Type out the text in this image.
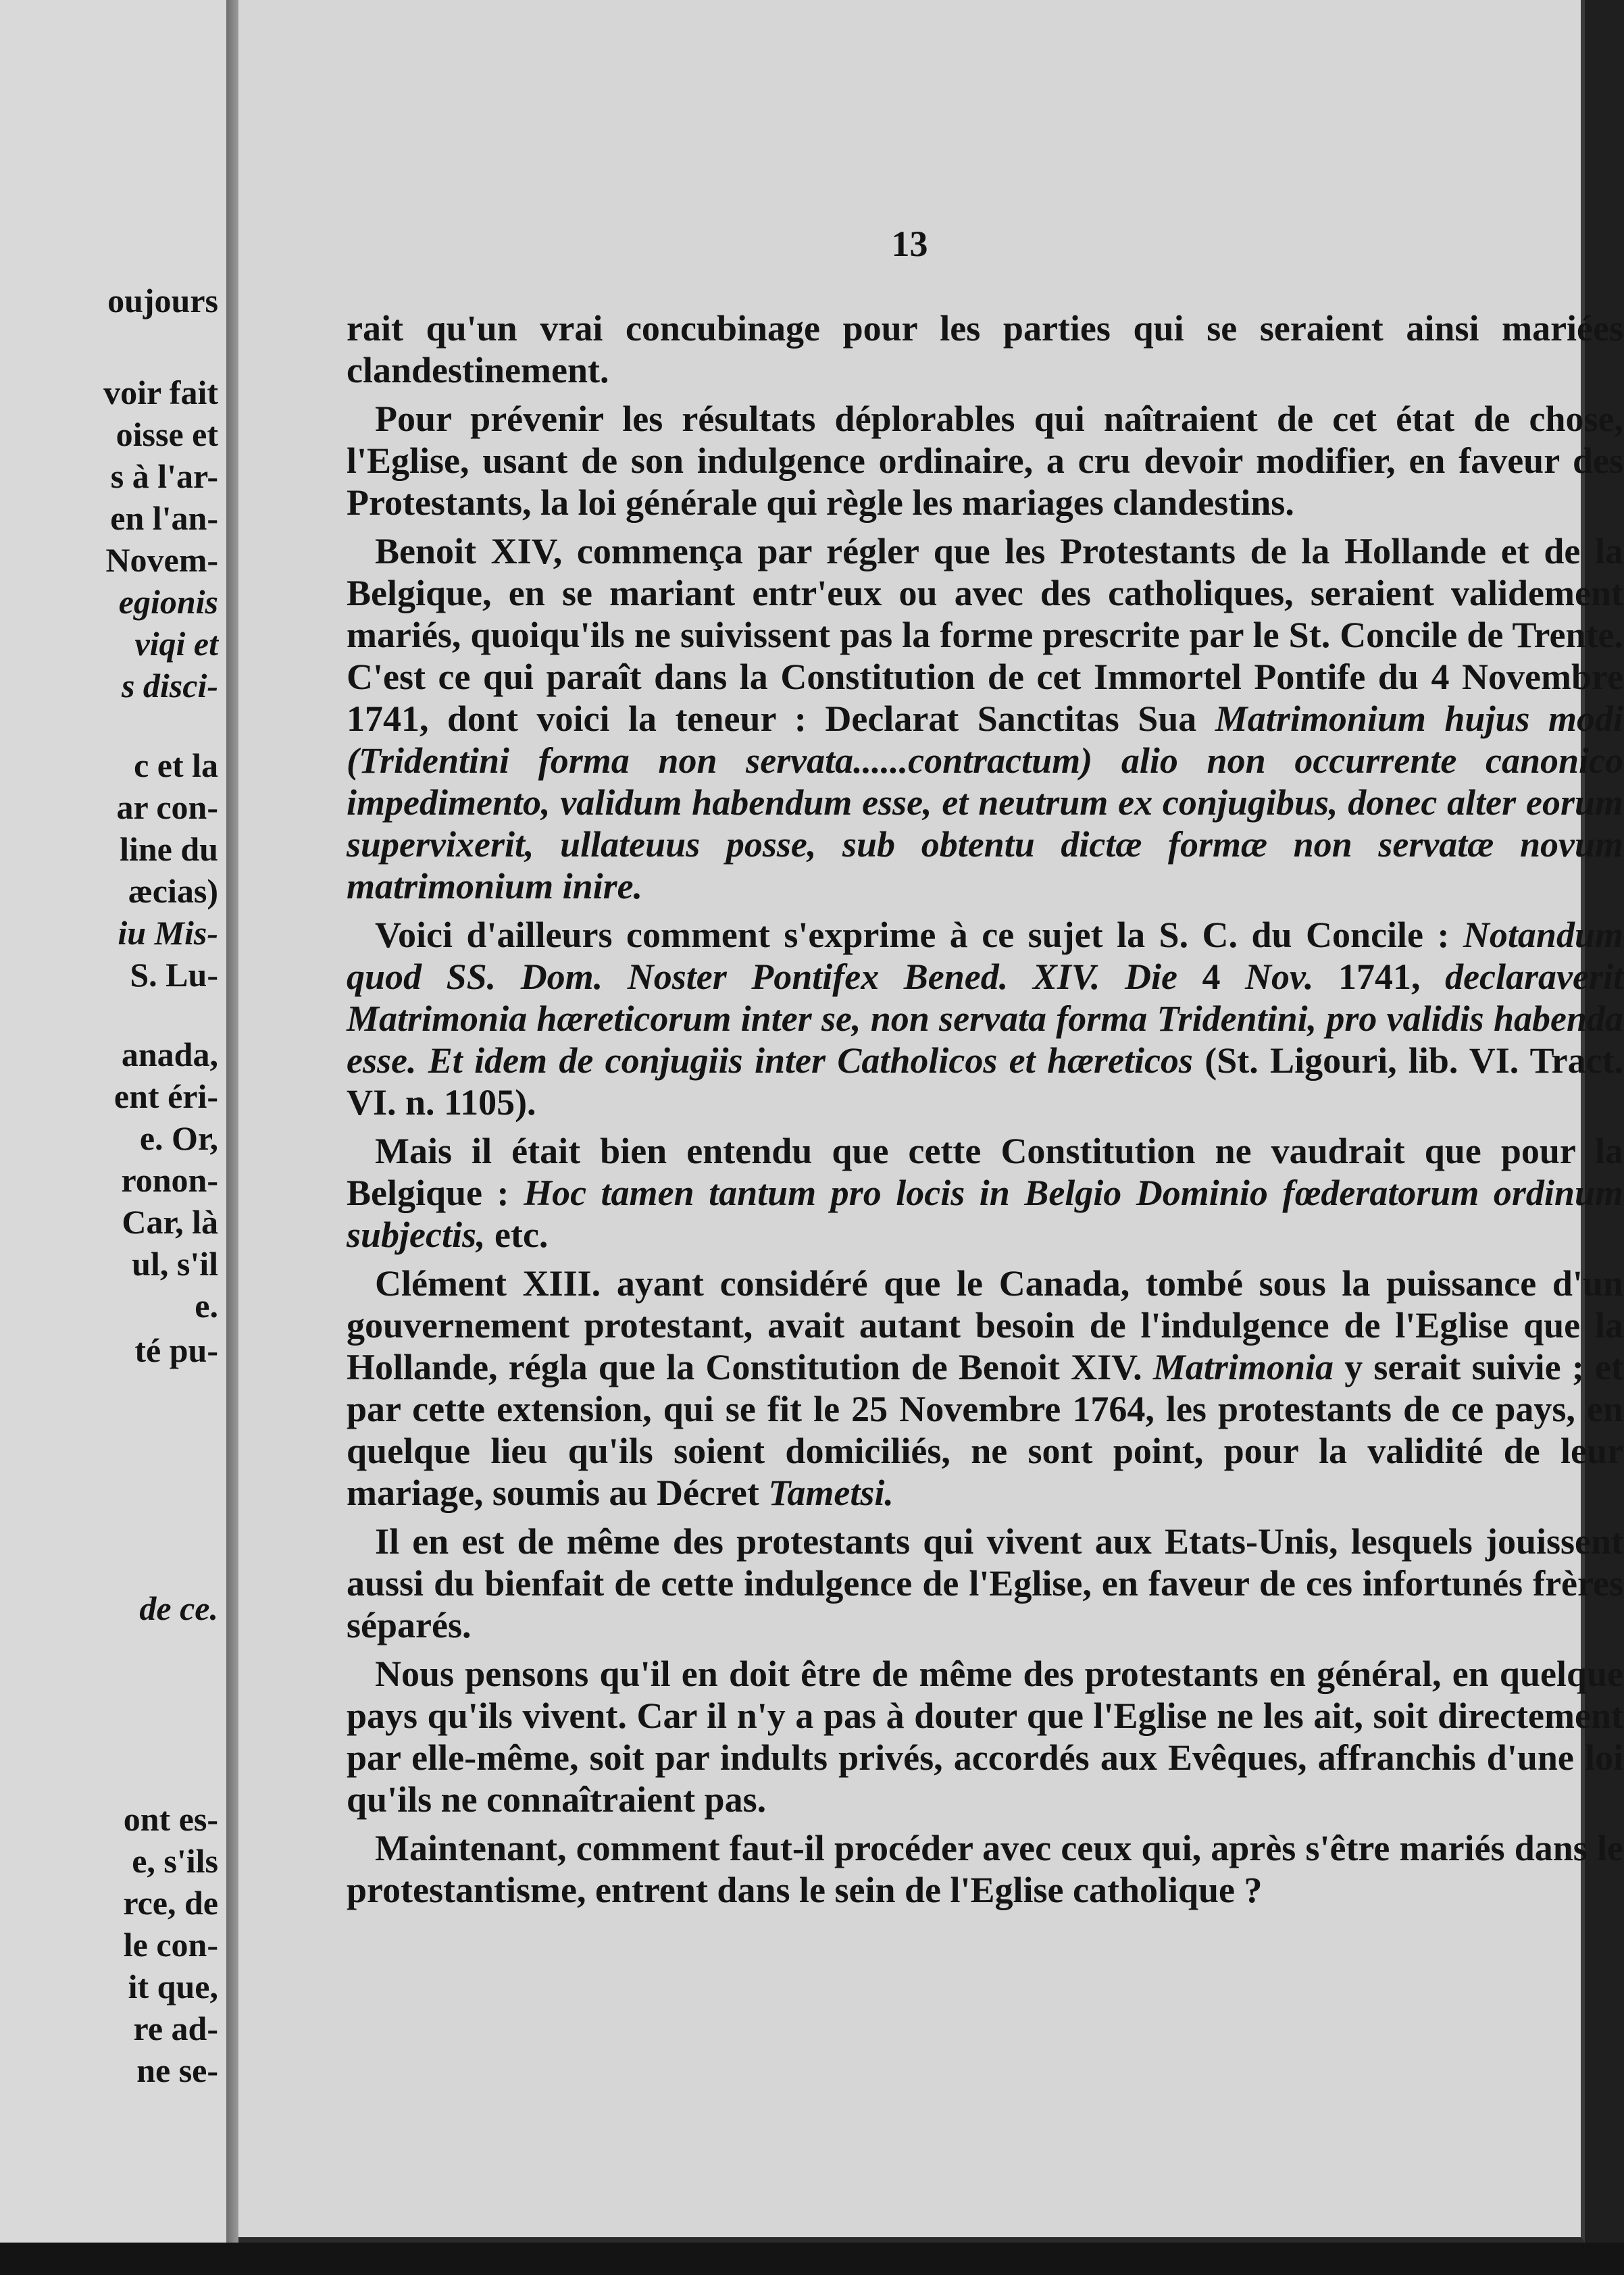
oujours
voir fait
oisse et
s à l'ar-
en l'an-
Novem-
egionis
viqi et
s disci-
c et la
ar con-
line du
æcias)
iu Mis-
S. Lu-
anada,
ent éri-
e. Or,
ronon-
Car, là
ul, s'il
e.
té pu-
de ce.
ont es-
e, s'ils
rce, de
le con-
it que,
re ad-
ne se-
13

rait qu'un vrai concubinage pour les parties qui se seraient ainsi mariées clandestinement.

Pour prévenir les résultats déplorables qui naîtraient de cet état de chose, l'Eglise, usant de son indulgence ordinaire, a cru devoir modifier, en faveur des Protestants, la loi générale qui règle les mariages clandestins.

Benoit XIV, commença par régler que les Protestants de la Hollande et de la Belgique, en se mariant entr'eux ou avec des catholiques, seraient validement mariés, quoiqu'ils ne suivissent pas la forme prescrite par le St. Concile de Trente. C'est ce qui paraît dans la Constitution de cet Immortel Pontife du 4 Novembre 1741, dont voici la teneur : Declarat Sanctitas Sua Matrimonium hujus modi (Tridentini forma non servata......contractum) alio non occurrente canonico impedimento, validum habendum esse, et neutrum ex conjugibus, donec alter eorum supervixerit, ullateuus posse, sub obtentu dictæ formæ non servatæ novum matrimonium inire.

Voici d'ailleurs comment s'exprime à ce sujet la S. C. du Concile : Notandum quod SS. Dom. Noster Pontifex Bened. XIV. Die 4 Nov. 1741, declaraverit Matrimonia hæreticorum inter se, non servata forma Tridentini, pro validis habenda esse. Et idem de conjugiis inter Catholicos et hæreticos (St. Ligouri, lib. VI. Tract. VI. n. 1105).

Mais il était bien entendu que cette Constitution ne vaudrait que pour la Belgique : Hoc tamen tantum pro locis in Belgio Dominio fœderatorum ordinum subjectis, etc.

Clément XIII. ayant considéré que le Canada, tombé sous la puissance d'un gouvernement protestant, avait autant besoin de l'indulgence de l'Eglise que la Hollande, régla que la Constitution de Benoit XIV. Matrimonia y serait suivie ; et par cette extension, qui se fit le 25 Novembre 1764, les protestants de ce pays, en quelque lieu qu'ils soient domiciliés, ne sont point, pour la validité de leur mariage, soumis au Décret Tametsi.

Il en est de même des protestants qui vivent aux Etats-Unis, lesquels jouissent aussi du bienfait de cette indulgence de l'Eglise, en faveur de ces infortunés frères séparés.

Nous pensons qu'il en doit être de même des protestants en général, en quelque pays qu'ils vivent. Car il n'y a pas à douter que l'Eglise ne les ait, soit directement par elle-même, soit par indults privés, accordés aux Evêques, affranchis d'une loi qu'ils ne connaîtraient pas.

Maintenant, comment faut-il procéder avec ceux qui, après s'être mariés dans le protestantisme, entrent dans le sein de l'Eglise catholique ?
